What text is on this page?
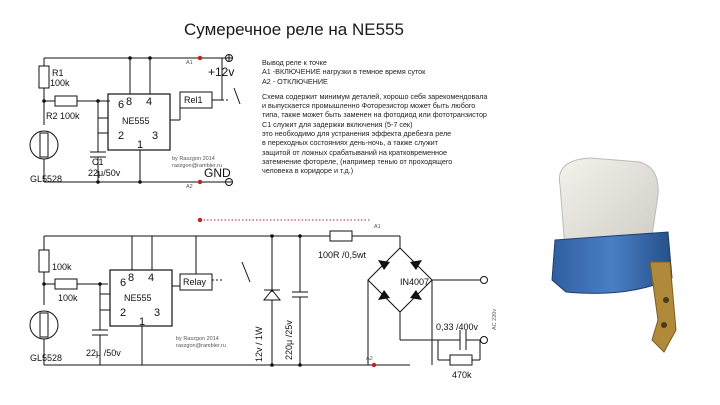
Сумеречное реле на NE555
Вывод реле к точке
A1 -ВКЛЮЧЕНИЕ нагрузки в темное время суток
A2 - ОТКЛЮЧЕНИЕ
Схема содержит минимум деталей, хорошо себя зарекомендовала
и выпускается промышленно Фоторезистор может быть любого
типа, также может быть заменен на фотодиод или фототранзистор
C1 служит для задержки включения (5-7 сек)
это необходимо для устранения эффекта дребезга реле
в переходных состояниях день-ночь, а также служит
защитой от ложных срабатываний на кратковременное
затемнение фотореле, (например тенью от проходящего
человека в коридоре и т.д.)
6 8 4
2	3
1
NE555
R1
100k
R2 100k
GL5528
C1
22μ/50v
Rel1
+12v
GND
A1
A2
by Raszgon 2014
raszgon@rambler.ru
6 8 4
2	3
1
NE555
100k
100k
GL5528	22μ /50v
Relay
12v / 1W 220μ /25v
100R /0,5wt
IN4007
0,33 /400v
470k
AC 220v
A1
A2
by Raszgon 2014
raszgon@rambler.ru
